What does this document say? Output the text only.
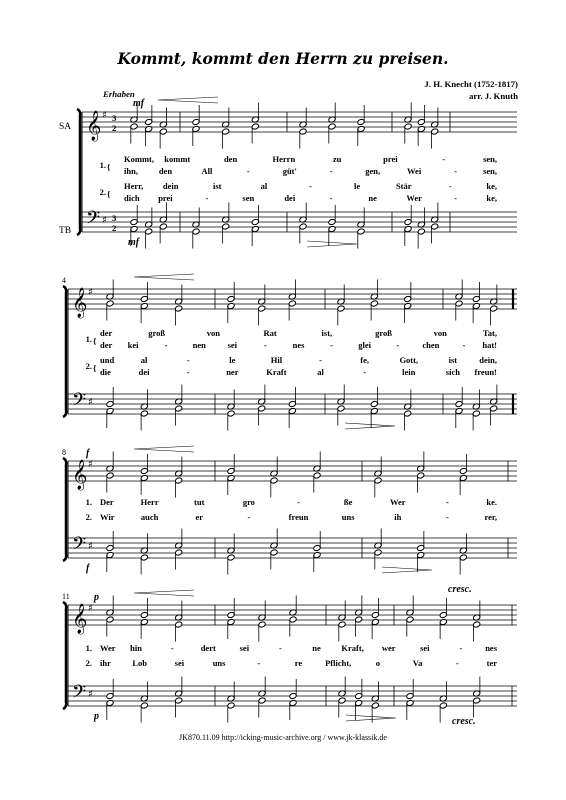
Kommt, kommt den Herrn zu preisen.
J. H. Knecht (1752-1817)
arr. J. Knuth
Erhaben
SA
TB
JK870.11.09 http://icking-music-archive.org / www.jk-klassik.de
𝄞
𝄢
♯
♯
3
2
3
2
mf
mf
1. {
Kommt, kommt	den	Herrn	zu	prei	-	sen,
ihn, den	All	-	güt'	-	gen,	Wei	-	sen,
2. {
Herr, dein	ist	al	-	le	Stär	-	ke,
dich prei	-	sen	dei	-	ne	Wer	-	ke,
𝄞
𝄢
♯
♯
4
1. {
der	groß	von	Rat	ist,	groß	von	Tat,
der kei	-	nen	sei	-	nes	-	glei	-	chen	- hat!
2. {
und	al	-	le	Hil	-	fe,	Gott,	ist	dein,
die	dei	-	ner	Kraft	al	-	lein	sich freun!
𝄞
𝄢
♯
♯
8 f
f
1. Der	Herr	tut	gro	-	ße	Wer	-	ke.
2. Wir	auch	er	-	freun	uns	ih	-	rer,
𝄞
𝄢
♯
♯
11 p
p
cresc.
cresc.
1. Wer hin	-	dert	sei	-	ne Kraft, wer	sei	-	nes
2. ihr	Lob	sei	uns	-	re	Pflicht,	o	Va	-	ter
